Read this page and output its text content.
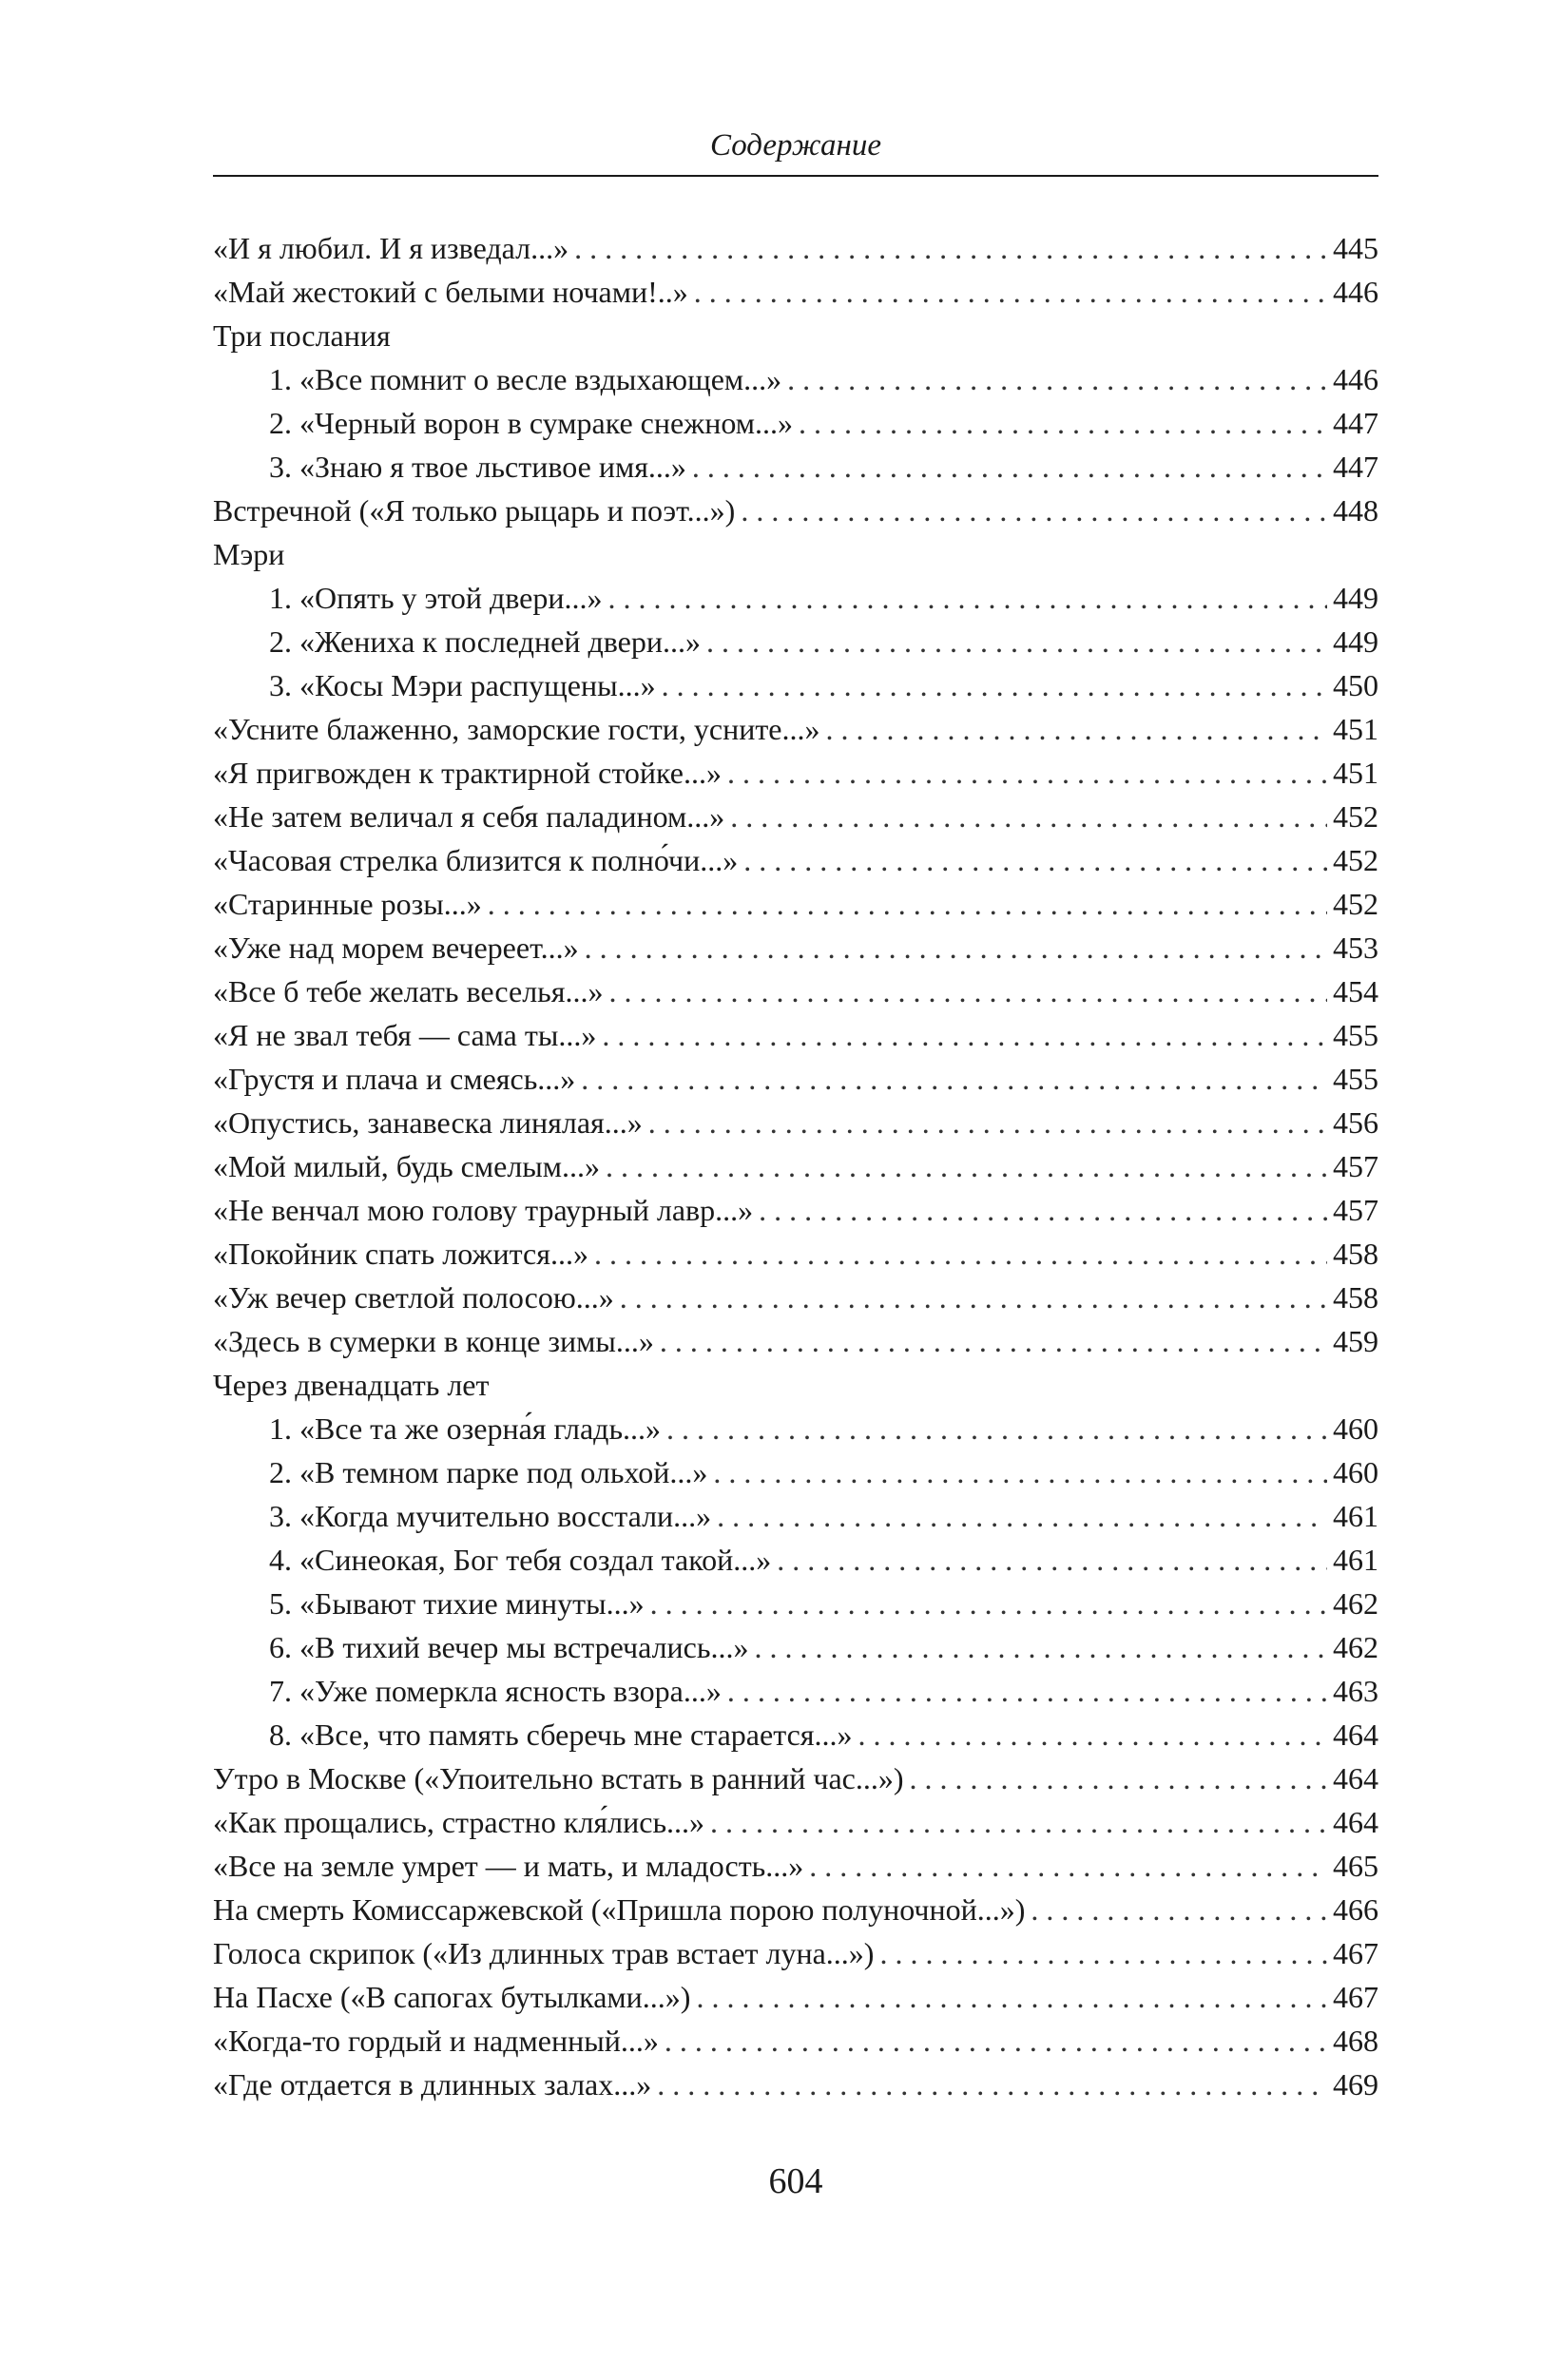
Содержание
«И я любил. И я изведал...» . . .	445
«Май жестокий с белыми ночами!..» . . .	446
Три послания
1. «Все помнит о весле вздыхающем...» . . .	446
2. «Черный ворон в сумраке снежном...» . . .	447
3. «Знаю я твое льстивое имя...» . . .	447
Встречной («Я только рыцарь и поэт...») . . .	448
Мэри
1. «Опять у этой двери...» . . .	449
2. «Жениха к последней двери...» . . .	449
3. «Косы Мэри распущены...» . . .	450
«Усните блаженно, заморские гости, усните...» . . .	451
«Я пригвожден к трактирной стойке...» . . .	451
«Не затем величал я себя паладином...» . . .	452
«Часовая стрелка близится к полно́чи...» . . .	452
«Старинные розы...» . . .	452
«Уже над морем вечереет...» . . .	453
«Все б тебе желать веселья...» . . .	454
«Я не звал тебя — сама ты...» . . .	455
«Грустя и плача и смеясь...» . . .	455
«Опустись, занавеска линялая...» . . .	456
«Мой милый, будь смелым...» . . .	457
«Не венчал мою голову траурный лавр...» . . .	457
«Покойник спать ложится...» . . .	458
«Уж вечер светлой полосою...» . . .	458
«Здесь в сумерки в конце зимы...» . . .	459
Через двенадцать лет
1. «Все та же озерна́я гладь...» . . .	460
2. «В темном парке под ольхой...» . . .	460
3. «Когда мучительно восстали...» . . .	461
4. «Синеокая, Бог тебя создал такой...» . . .	461
5. «Бывают тихие минуты...» . . .	462
6. «В тихий вечер мы встречались...» . . .	462
7. «Уже померкла ясность взора...» . . .	463
8. «Все, что память сберечь мне старается...» . . .	464
Утро в Москве («Упоительно встать в ранний час...») . . .	464
«Как прощались, страстно кля́лись...» . . .	464
«Все на земле умрет — и мать, и младость...» . . .	465
На смерть Комиссаржевской («Пришла порою полуночной...») . . .	466
Голоса скрипок («Из длинных трав встает луна...») . . .	467
На Пасхе («В сапогах бутылками...») . . .	467
«Когда-то гордый и надменный...» . . .	468
«Где отдается в длинных залах...» . . .	469
604
